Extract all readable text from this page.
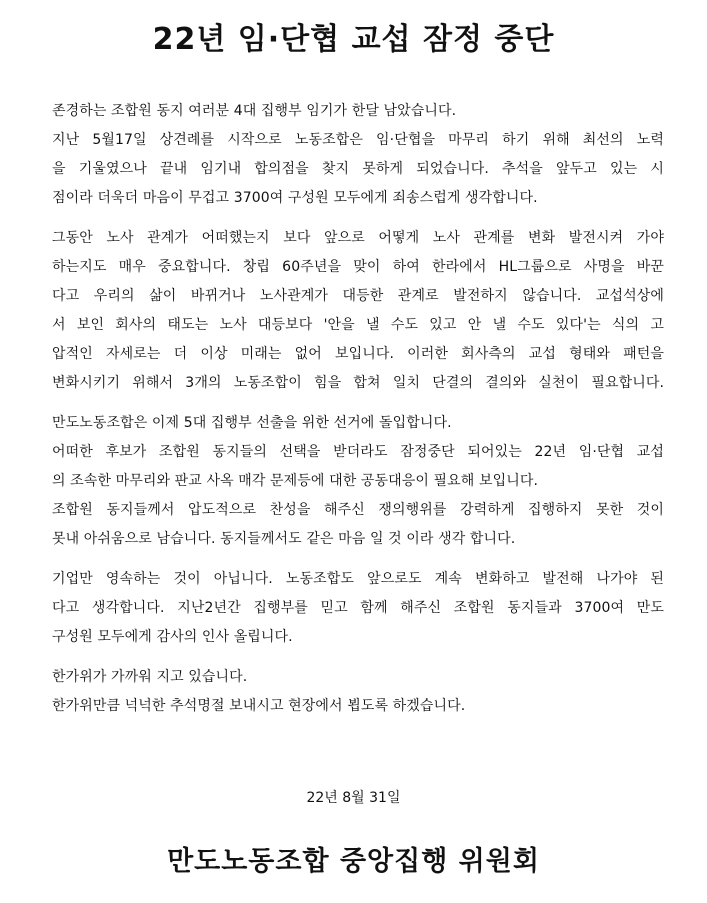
22년 임·단협 교섭 잠정 중단

존경하는 조합원 동지 여러분 4대 집행부 임기가 한달 남았습니다.
지난 5월17일 상견례를 시작으로 노동조합은 임·단협을 마무리 하기 위해 최선의 노력
을 기울였으나 끝내 임기내 합의점을 찾지 못하게 되었습니다. 추석을 앞두고 있는 시
점이라 더욱더 마음이 무겁고 3700여 구성원 모두에게 죄송스럽게 생각합니다.

그동안 노사 관계가 어떠했는지 보다 앞으로 어떻게 노사 관계를 변화 발전시켜 가야
하는지도 매우 중요합니다. 창립 60주년을 맞이 하여 한라에서 HL그룹으로 사명을 바꾼
다고 우리의 삶이 바뀌거나 노사관계가 대등한 관계로 발전하지 않습니다. 교섭석상에
서 보인 회사의 태도는 노사 대등보다 '안을 낼 수도 있고 안 낼 수도 있다'는 식의 고
압적인 자세로는 더 이상 미래는 없어 보입니다. 이러한 회사측의 교섭 형태와 패턴을
변화시키기 위해서 3개의 노동조합이 힘을 합쳐 일치 단결의 결의와 실천이 필요합니다.

만도노동조합은 이제 5대 집행부 선출을 위한 선거에 돌입합니다.
어떠한 후보가 조합원 동지들의 선택을 받더라도 잠정중단 되어있는 22년 임·단협 교섭
의 조속한 마무리와 판교 사옥 매각 문제등에 대한 공동대응이 필요해 보입니다.
조합원 동지들께서 압도적으로 찬성을 해주신 쟁의행위를 강력하게 집행하지 못한 것이
못내 아쉬움으로 남습니다. 동지들께서도 같은 마음 일 것 이라 생각 합니다.

기업만 영속하는 것이 아닙니다. 노동조합도 앞으로도 계속 변화하고 발전해 나가야 된
다고 생각합니다. 지난2년간 집행부를 믿고 함께 해주신 조합원 동지들과 3700여 만도
구성원 모두에게 감사의 인사 올립니다.

한가위가 가까워 지고 있습니다.
한가위만큼 넉넉한 추석명절 보내시고 현장에서 뵙도록 하겠습니다.

22년 8월 31일

만도노동조합 중앙집행 위원회
